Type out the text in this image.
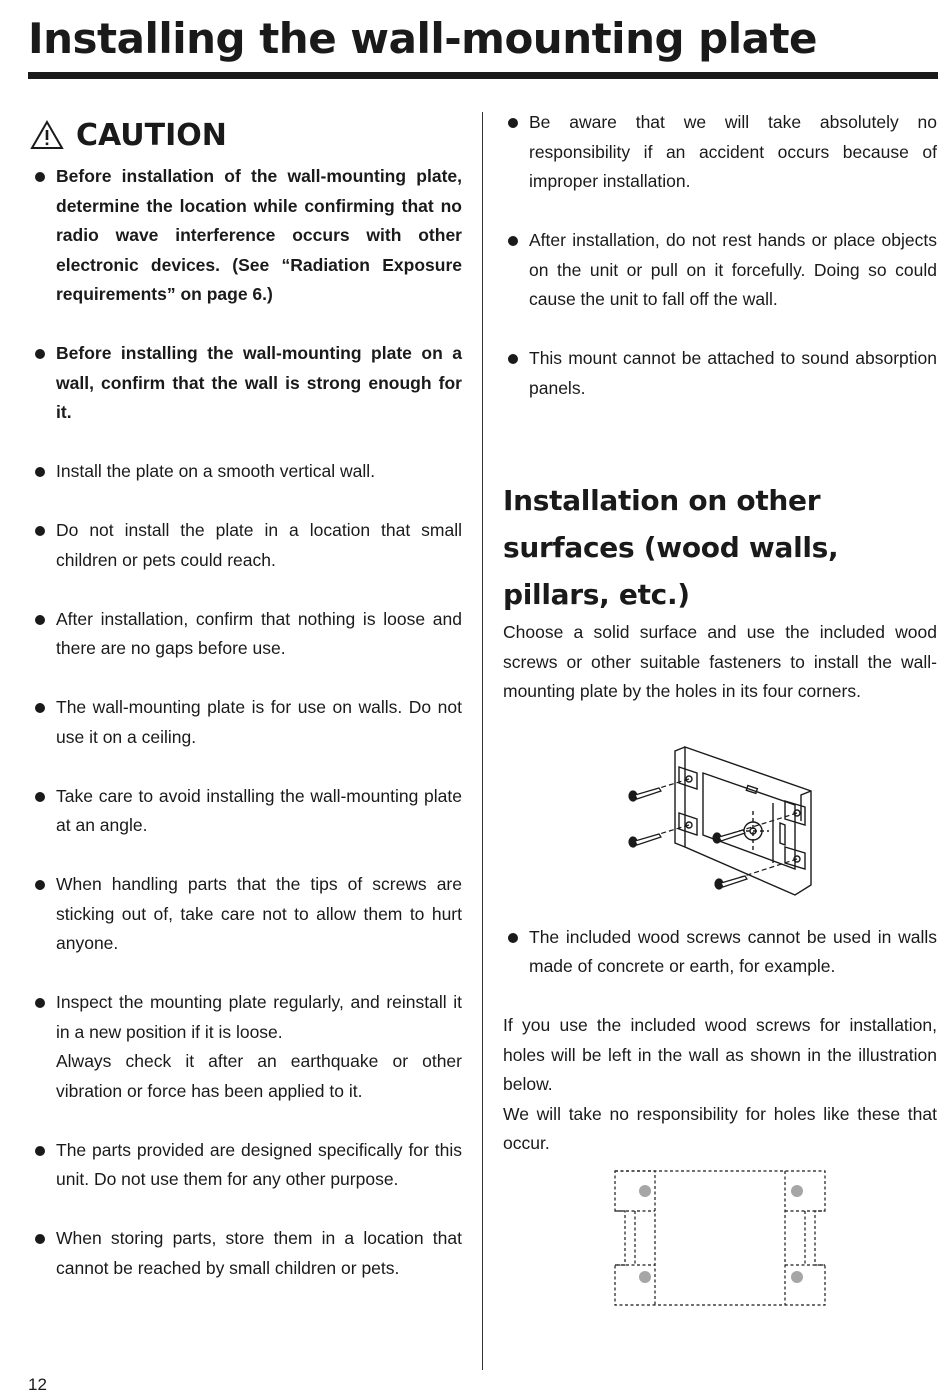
Installing the wall-mounting plate
CAUTION

Before installation of the wall-mounting plate, determine the location while confirming that no radio wave interference occurs with other electronic devices. (See “Radiation Exposure requirements” on page 6.)

Before installing the wall-mounting plate on a wall, confirm that the wall is strong enough for it.

Install the plate on a smooth vertical wall.

Do not install the plate in a location that small children or pets could reach.

After installation, confirm that nothing is loose and there are no gaps before use.

The wall-mounting plate is for use on walls. Do not use it on a ceiling.

Take care to avoid installing the wall-mounting plate at an angle.

When handling parts that the tips of screws are sticking out of, take care not to allow them to hurt anyone.

Inspect the mounting plate regularly, and reinstall it in a new position if it is loose.

Always check it after an earthquake or other vibration or force has been applied to it.

The parts provided are designed specifically for this unit. Do not use them for any other purpose.

When storing parts, store them in a location that cannot be reached by small children or pets.

Be aware that we will take absolutely no responsibility if an accident occurs because of improper installation.

After installation, do not rest hands or place objects on the unit or pull on it forcefully. Doing so could cause the unit to fall off the wall.

This mount cannot be attached to sound absorption panels.

Installation on other surfaces (wood walls, pillars, etc.)

Choose a solid surface and use the included wood screws or other suitable fasteners to install the wall-mounting plate by the holes in its four corners.

The included wood screws cannot be used in walls made of concrete or earth, for example.

If you use the included wood screws for installation, holes will be left in the wall as shown in the illustration below.

We will take no responsibility for holes like these that occur.

12
